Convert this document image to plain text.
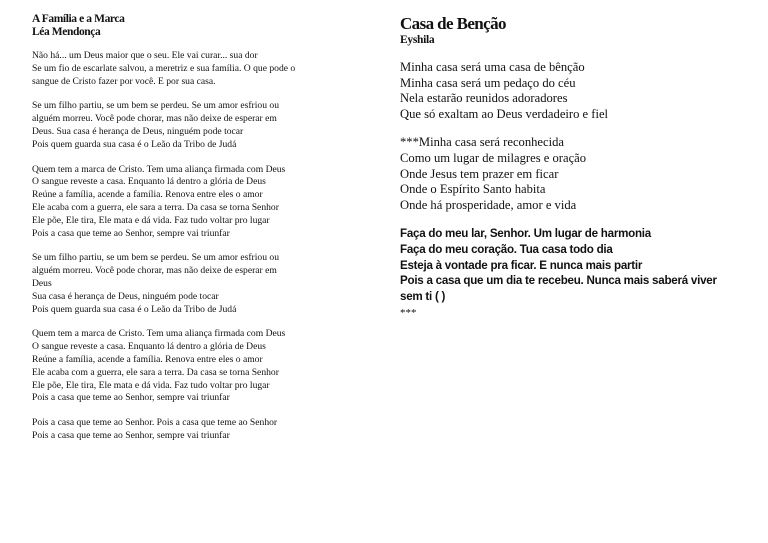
A Família e a Marca
Léa Mendonça
Não há... um Deus maior que o seu. Ele vai curar... sua dor
Se um fio de escarlate salvou, a meretriz e sua família. O que pode o
sangue de Cristo fazer por você. E por sua casa.
Se um filho partiu, se um bem se perdeu. Se um amor esfriou ou
alguém morreu. Você pode chorar, mas não deixe de esperar em
Deus. Sua casa é herança de Deus, ninguém pode tocar
Pois quem guarda sua casa é o Leão da Tribo de Judá
Quem tem a marca de Cristo. Tem uma aliança firmada com Deus
O sangue reveste a casa. Enquanto lá dentro a glória de Deus
Reúne a família, acende a família. Renova entre eles o amor
Ele acaba com a guerra, ele sara a terra. Da casa se torna Senhor
Ele põe, Ele tira, Ele mata e dá vida. Faz tudo voltar pro lugar
Pois a casa que teme ao Senhor, sempre vai triunfar
Se um filho partiu, se um bem se perdeu. Se um amor esfriou ou
alguém morreu. Você pode chorar, mas não deixe de esperar em
Deus
Sua casa é herança de Deus, ninguém pode tocar
Pois quem guarda sua casa é o Leão da Tribo de Judá
Quem tem a marca de Cristo. Tem uma aliança firmada com Deus
O sangue reveste a casa. Enquanto lá dentro a glória de Deus
Reúne a família, acende a família. Renova entre eles o amor
Ele acaba com a guerra, ele sara a terra. Da casa se torna Senhor
Ele põe, Ele tira, Ele mata e dá vida. Faz tudo voltar pro lugar
Pois a casa que teme ao Senhor, sempre vai triunfar
Pois a casa que teme ao Senhor. Pois a casa que teme ao Senhor
Pois a casa que teme ao Senhor, sempre vai triunfar
Casa de Benção
Eyshila
Minha casa será uma casa de bênção
Minha casa será um pedaço do céu
Nela estarão reunidos adoradores
Que só exaltam ao Deus verdadeiro e fiel
***Minha casa será reconhecida
Como um lugar de milagres e oração
Onde Jesus tem prazer em ficar
Onde o Espírito Santo habita
Onde há prosperidade, amor e vida
Faça do meu lar, Senhor. Um lugar de harmonia
Faça do meu coração. Tua casa todo dia
Esteja à vontade pra ficar. E nunca mais partir
Pois a casa que um dia te recebeu. Nunca mais saberá viver
sem ti ( )
***
